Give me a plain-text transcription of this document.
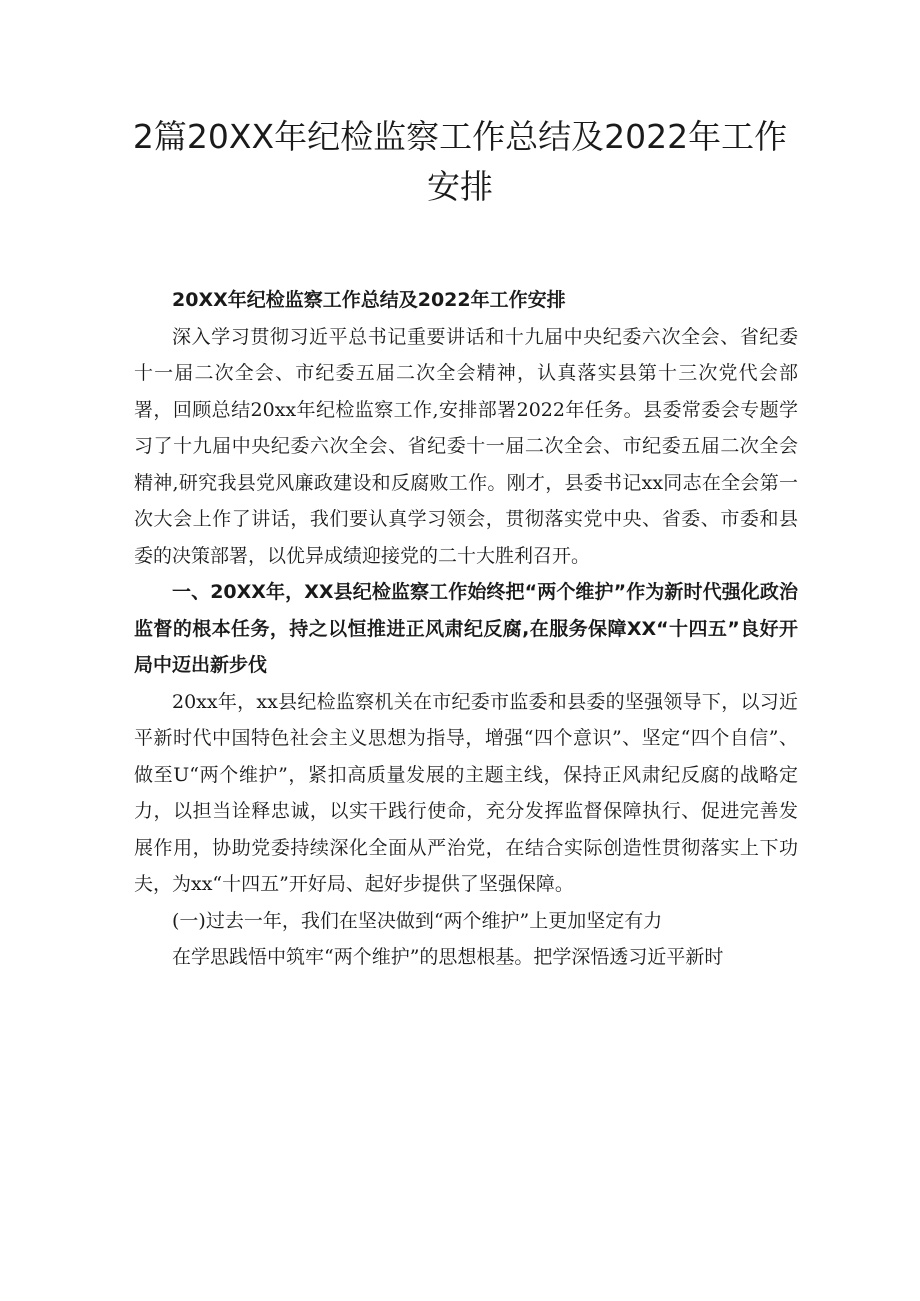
2篇20XX年纪检监察工作总结及2022年工作安排

20XX年纪检监察工作总结及2022年工作安排

深入学习贯彻习近平总书记重要讲话和十九届中央纪委六次全会、省纪委十一届二次全会、市纪委五届二次全会精神，认真落实县第十三次党代会部署，回顾总结20xx年纪检监察工作,安排部署2022年任务。县委常委会专题学习了十九届中央纪委六次全会、省纪委十一届二次全会、市纪委五届二次全会精神,研究我县党风廉政建设和反腐败工作。刚才，县委书记xx同志在全会第一次大会上作了讲话，我们要认真学习领会，贯彻落实党中央、省委、市委和县委的决策部署，以优异成绩迎接党的二十大胜利召开。

一、20XX年，XX县纪检监察工作始终把“两个维护”作为新时代强化政治监督的根本任务，持之以恒推进正风肃纪反腐,在服务保障XX“十四五”良好开局中迈出新步伐

20xx年，xx县纪检监察机关在市纪委市监委和县委的坚强领导下，以习近平新时代中国特色社会主义思想为指导，增强“四个意识”、坚定“四个自信”、做至U“两个维护”，紧扣高质量发展的主题主线，保持正风肃纪反腐的战略定力，以担当诠释忠诚，以实干践行使命，充分发挥监督保障执行、促进完善发展作用，协助党委持续深化全面从严治党，在结合实际创造性贯彻落实上下功夫，为xx“十四五”开好局、起好步提供了坚强保障。

(一)过去一年，我们在坚决做到“两个维护”上更加坚定有力

在学思践悟中筑牢“两个维护”的思想根基。把学深悟透习近平新时
